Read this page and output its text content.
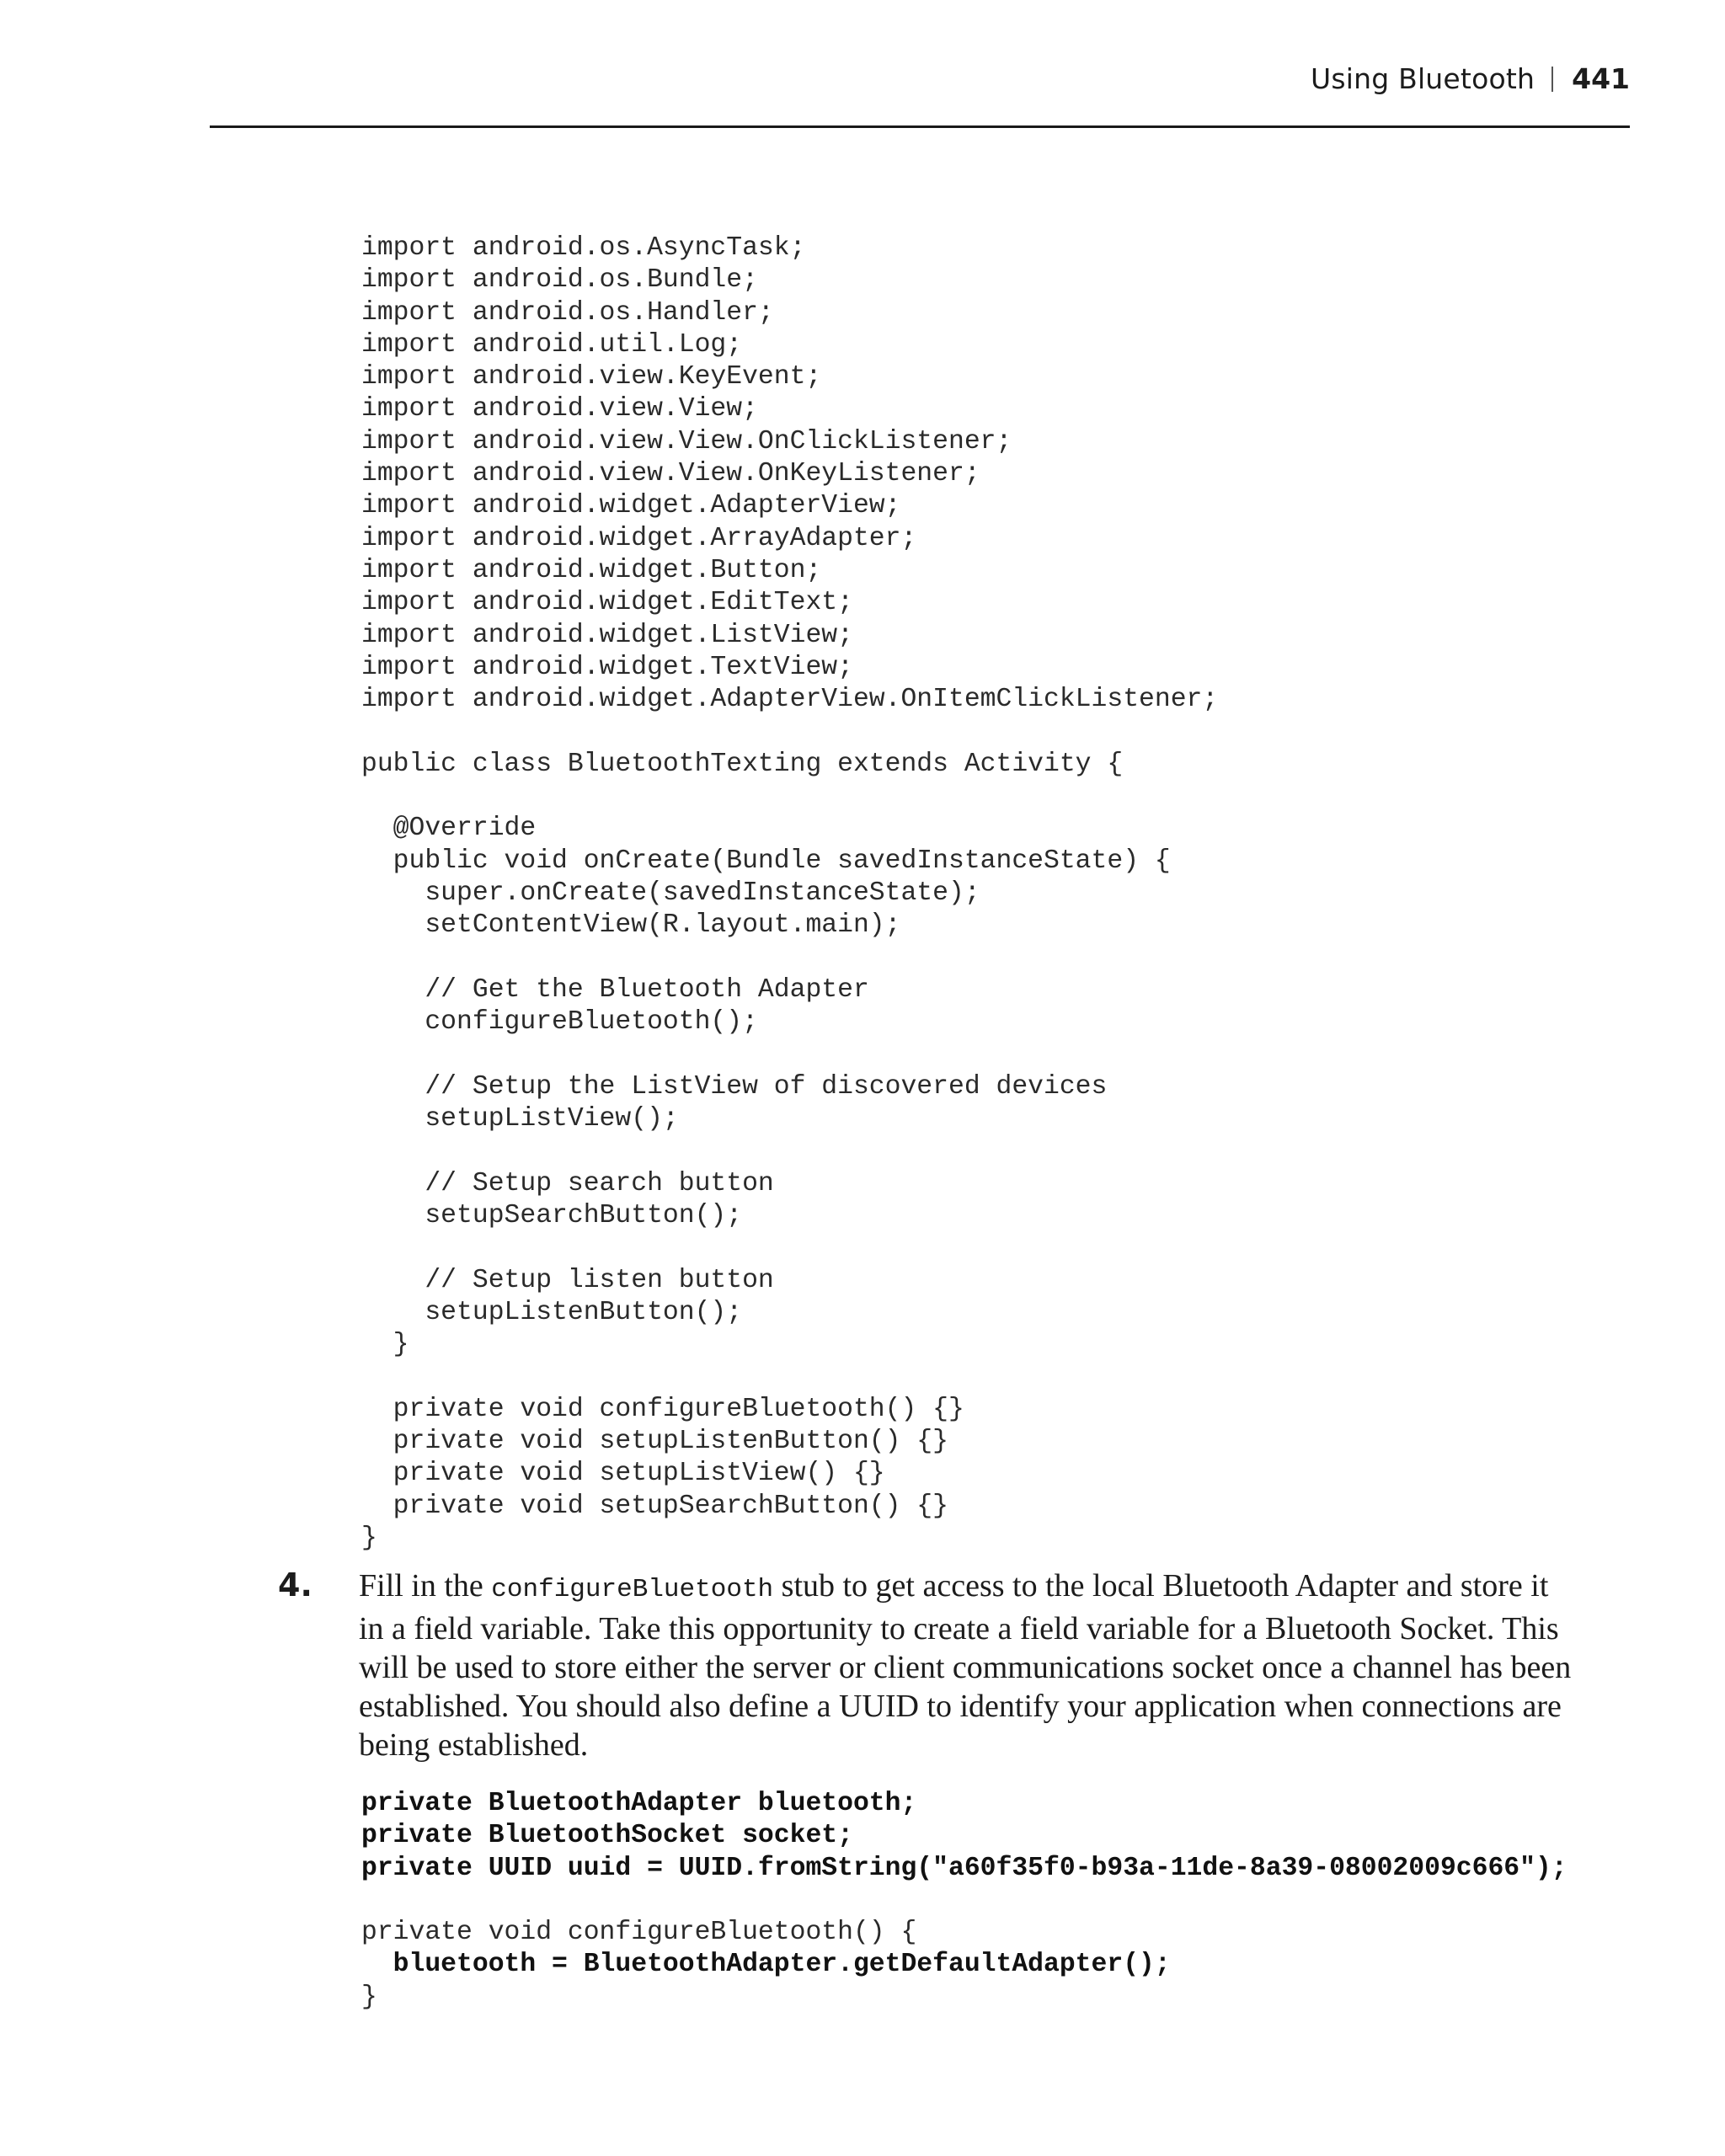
Using Bluetooth 441
import android.os.AsyncTask;
import android.os.Bundle;
import android.os.Handler;
import android.util.Log;
import android.view.KeyEvent;
import android.view.View;
import android.view.View.OnClickListener;
import android.view.View.OnKeyListener;
import android.widget.AdapterView;
import android.widget.ArrayAdapter;
import android.widget.Button;
import android.widget.EditText;
import android.widget.ListView;
import android.widget.TextView;
import android.widget.AdapterView.OnItemClickListener;
public class BluetoothTexting extends Activity {
@Override
public void onCreate(Bundle savedInstanceState) {
super.onCreate(savedInstanceState);
setContentView(R.layout.main);
// Get the Bluetooth Adapter
configureBluetooth();
// Setup the ListView of discovered devices
setupListView();
// Setup search button
setupSearchButton();
// Setup listen button
setupListenButton();
}
private void configureBluetooth() {}
private void setupListenButton() {}
private void setupListView() {}
private void setupSearchButton() {}
}
4. Fill in the configureBluetooth stub to get access to the local Bluetooth Adapter and store it in a field variable. Take this opportunity to create a field variable for a Bluetooth Socket. This will be used to store either the server or client communications socket once a channel has been established. You should also define a UUID to identify your application when connections are being established.

private BluetoothAdapter bluetooth;
private BluetoothSocket socket;
private UUID uuid = UUID.fromString("a60f35f0-b93a-11de-8a39-08002009c666");
private void configureBluetooth() {
bluetooth = BluetoothAdapter.getDefaultAdapter();
}
